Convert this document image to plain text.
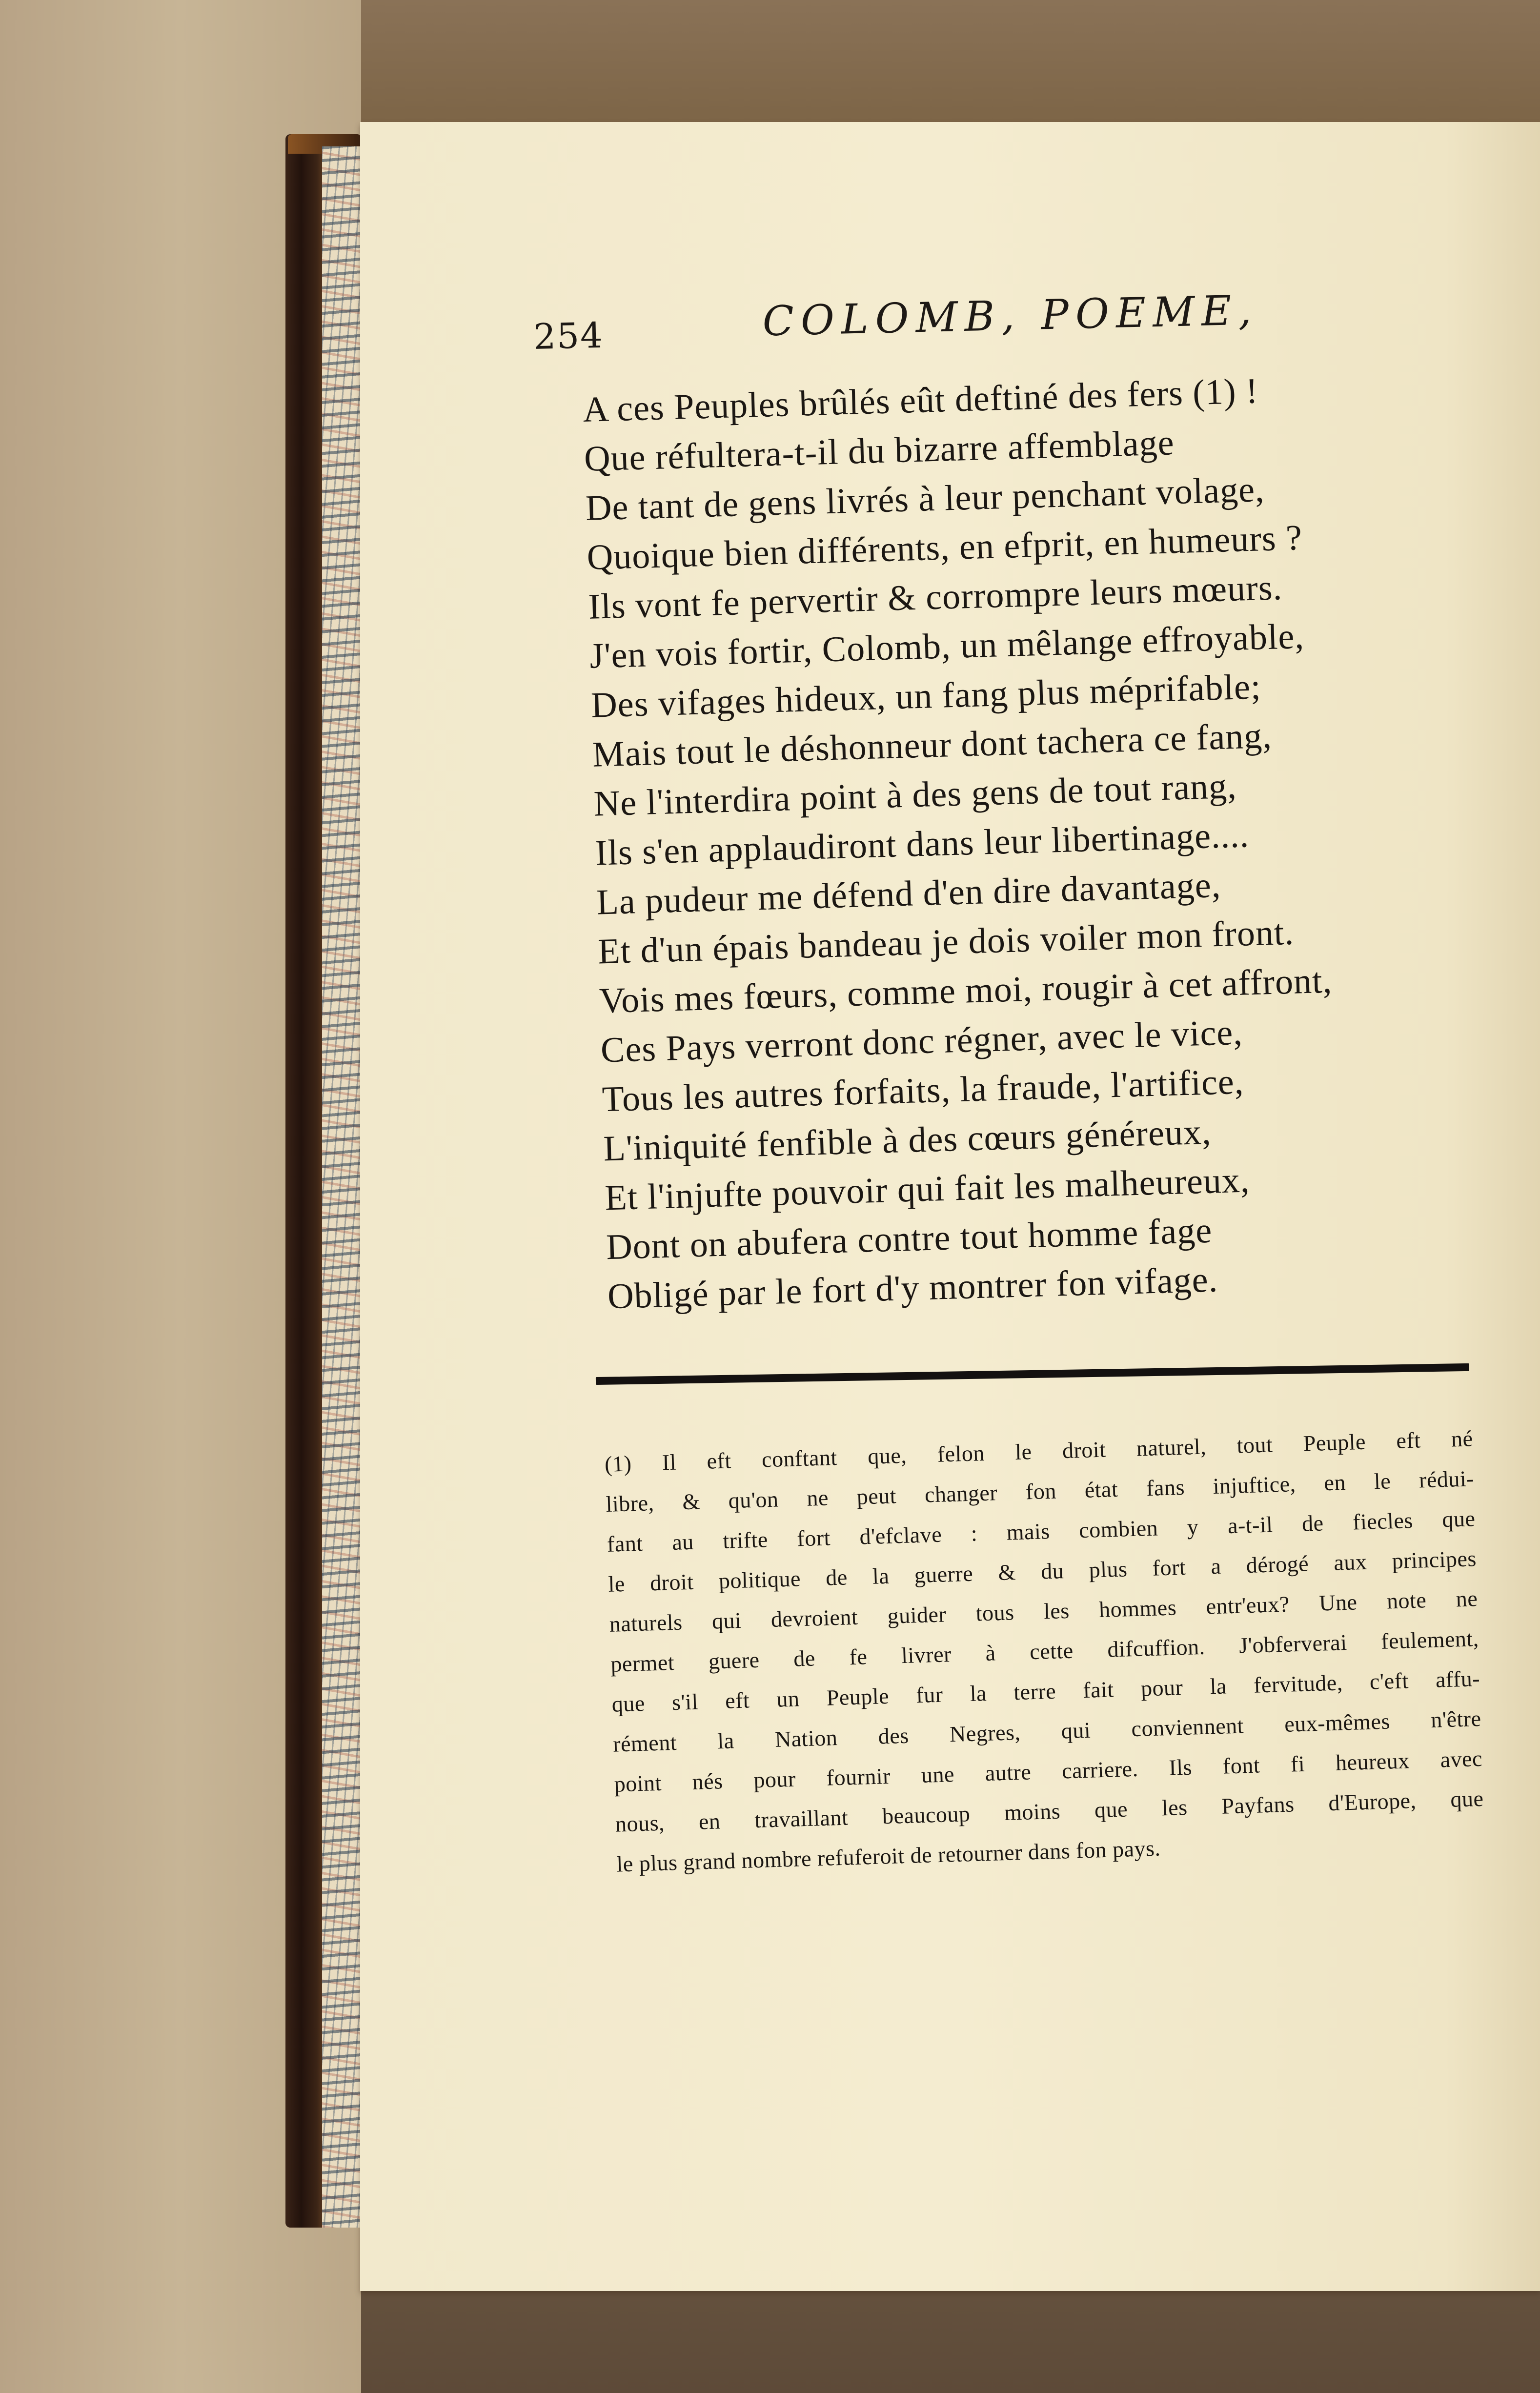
254	COLOMB, POEME,
A ces Peuples brûlés eût deftiné des fers (1) !
Que réfultera-t-il du bizarre affemblage
De tant de gens livrés à leur penchant volage,
Quoique bien différents, en efprit, en humeurs ?
Ils vont fe pervertir & corrompre leurs mœurs.
J'en vois fortir, Colomb, un mêlange effroyable,
Des vifages hideux, un fang plus méprifable;
Mais tout le déshonneur dont tachera ce fang,
Ne l'interdira point à des gens de tout rang,
Ils s'en applaudiront dans leur libertinage....
La pudeur me défend d'en dire davantage,
Et d'un épais bandeau je dois voiler mon front.
Vois mes fœurs, comme moi, rougir à cet affront,
Ces Pays verront donc régner, avec le vice,
Tous les autres forfaits, la fraude, l'artifice,
L'iniquité fenfible à des cœurs généreux,
Et l'injufte pouvoir qui fait les malheureux,
Dont on abufera contre tout homme fage
Obligé par le fort d'y montrer fon vifage.
(1) Il eft conftant que, felon le droit naturel, tout Peuple eft né
libre, & qu'on ne peut changer fon état fans injuftice, en le rédui-
fant au trifte fort d'efclave : mais combien y a-t-il de fiecles que
le droit politique de la guerre & du plus fort a dérogé aux principes
naturels qui devroient guider tous les hommes entr'eux? Une note ne
permet guere de fe livrer à cette difcuffion. J'obferverai feulement,
que s'il eft un Peuple fur la terre fait pour la fervitude, c'eft affu-
rément la Nation des Negres, qui conviennent eux-mêmes n'être
point nés pour fournir une autre carriere. Ils font fi heureux avec
nous, en travaillant beaucoup moins que les Payfans d'Europe, que
le plus grand nombre refuferoit de retourner dans fon pays.
